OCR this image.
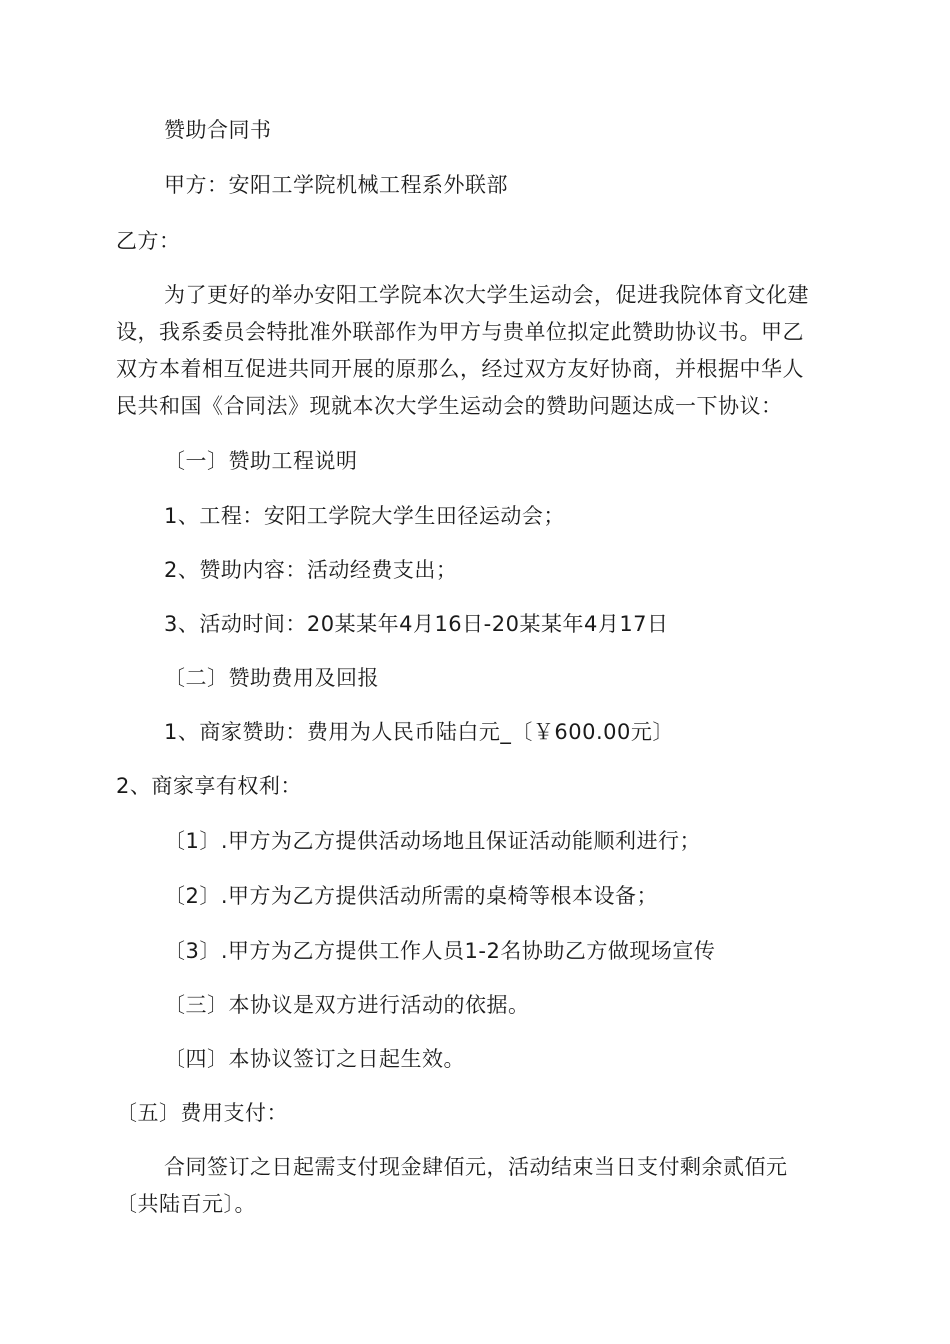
赞助合同书
甲方：安阳工学院机械工程系外联部
乙方：
为了更好的举办安阳工学院本次大学生运动会，促进我院体育文化建
设，我系委员会特批准外联部作为甲方与贵单位拟定此赞助协议书。甲乙
双方本着相互促进共同开展的原那么，经过双方友好协商，并根据中华人
民共和国《合同法》现就本次大学生运动会的赞助问题达成一下协议：
〔一〕赞助工程说明
1、工程：安阳工学院大学生田径运动会；
2、赞助内容：活动经费支出；
3、活动时间：20某某年4月16日-20某某年4月17日
〔二〕赞助费用及回报
1、商家赞助：费用为人民币陆白元_〔￥600.00元〕
2、商家享有权利：
〔1〕.甲方为乙方提供活动场地且保证活动能顺利进行；
〔2〕.甲方为乙方提供活动所需的桌椅等根本设备；
〔3〕.甲方为乙方提供工作人员1-2名协助乙方做现场宣传
〔三〕本协议是双方进行活动的依据。
〔四〕本协议签订之日起生效。
〔五〕费用支付：
合同签订之日起需支付现金肆佰元，活动结束当日支付剩余贰佰元
〔共陆百元〕。
